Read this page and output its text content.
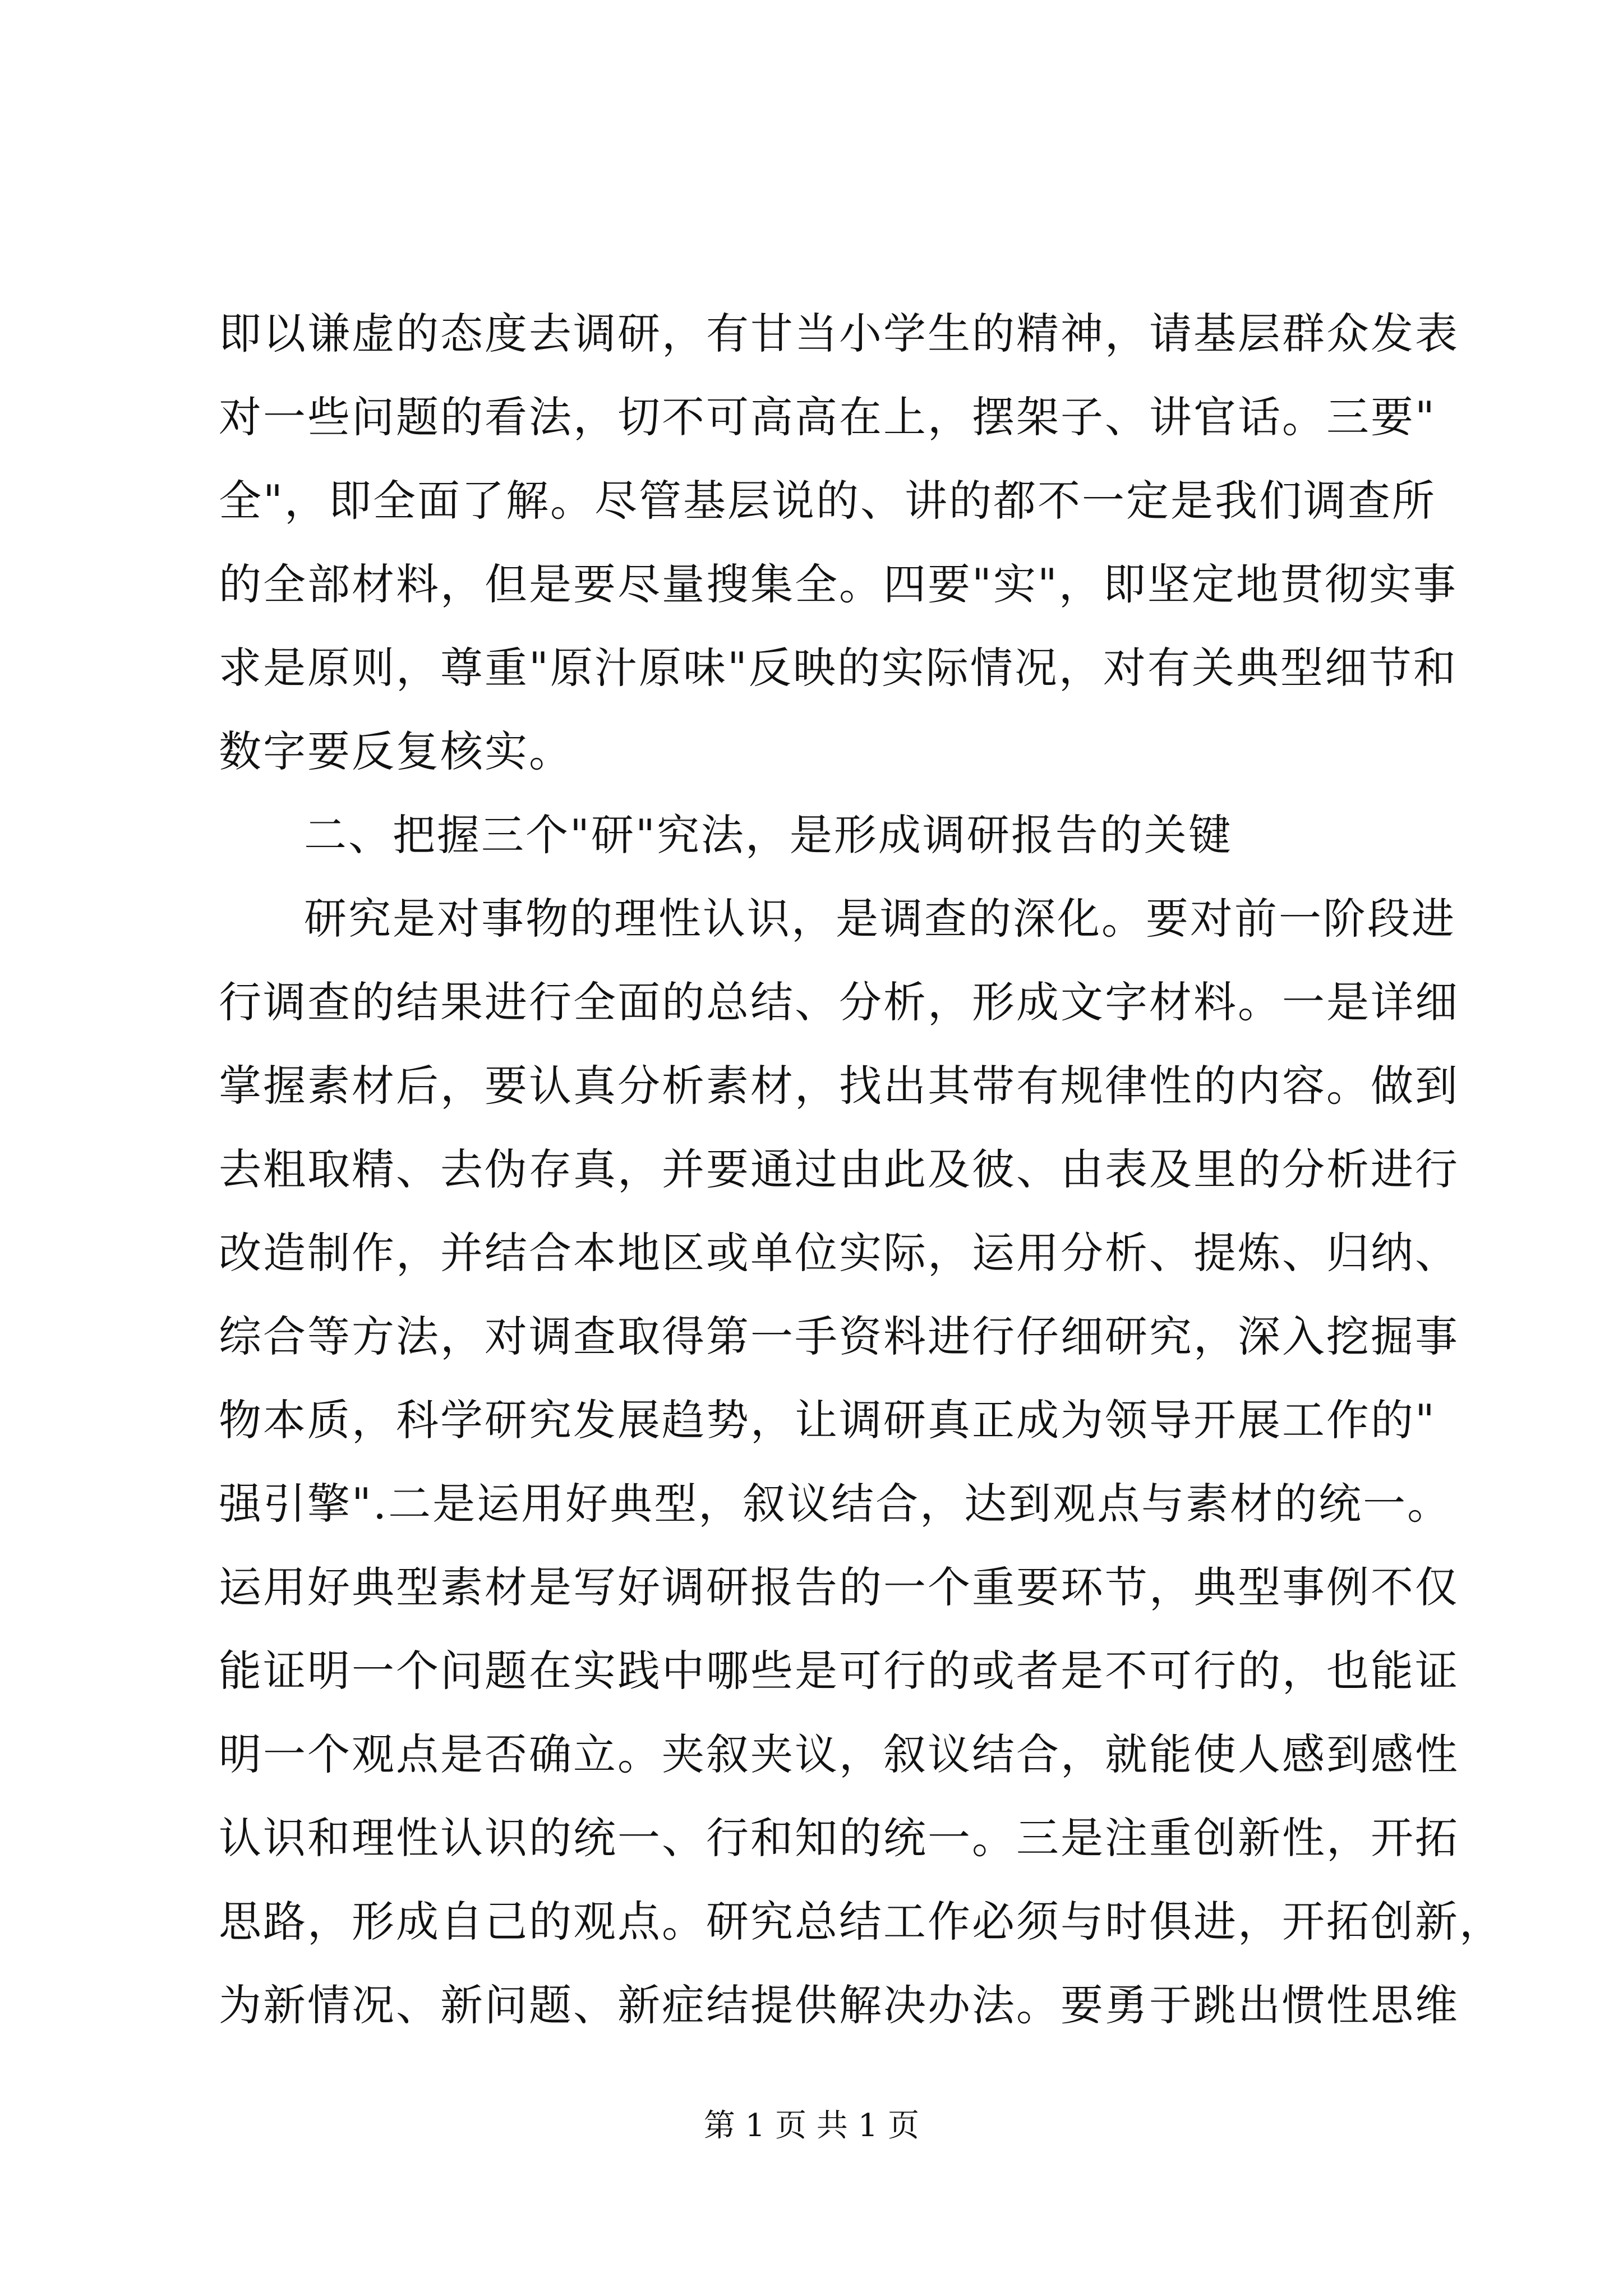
即以谦虚的态度去调研，有甘当小学生的精神，请基层群众发表
对一些问题的看法，切不可高高在上，摆架子、讲官话。三要"
全"，即全面了解。尽管基层说的、讲的都不一定是我们调查所
的全部材料，但是要尽量搜集全。四要"实"，即坚定地贯彻实事
求是原则，尊重"原汁原味"反映的实际情况，对有关典型细节和
数字要反复核实。
二、把握三个"研"究法，是形成调研报告的关键
研究是对事物的理性认识，是调查的深化。要对前一阶段进
行调查的结果进行全面的总结、分析，形成文字材料。一是详细
掌握素材后，要认真分析素材，找出其带有规律性的内容。做到
去粗取精、去伪存真，并要通过由此及彼、由表及里的分析进行
改造制作，并结合本地区或单位实际，运用分析、提炼、归纳、
综合等方法，对调查取得第一手资料进行仔细研究，深入挖掘事
物本质，科学研究发展趋势，让调研真正成为领导开展工作的"
强引擎".二是运用好典型，叙议结合，达到观点与素材的统一。
运用好典型素材是写好调研报告的一个重要环节，典型事例不仅
能证明一个问题在实践中哪些是可行的或者是不可行的，也能证
明一个观点是否确立。夹叙夹议，叙议结合，就能使人感到感性
认识和理性认识的统一、行和知的统一。三是注重创新性，开拓
思路，形成自己的观点。研究总结工作必须与时俱进，开拓创新，
为新情况、新问题、新症结提供解决办法。要勇于跳出惯性思维
第 1 页 共 1 页
